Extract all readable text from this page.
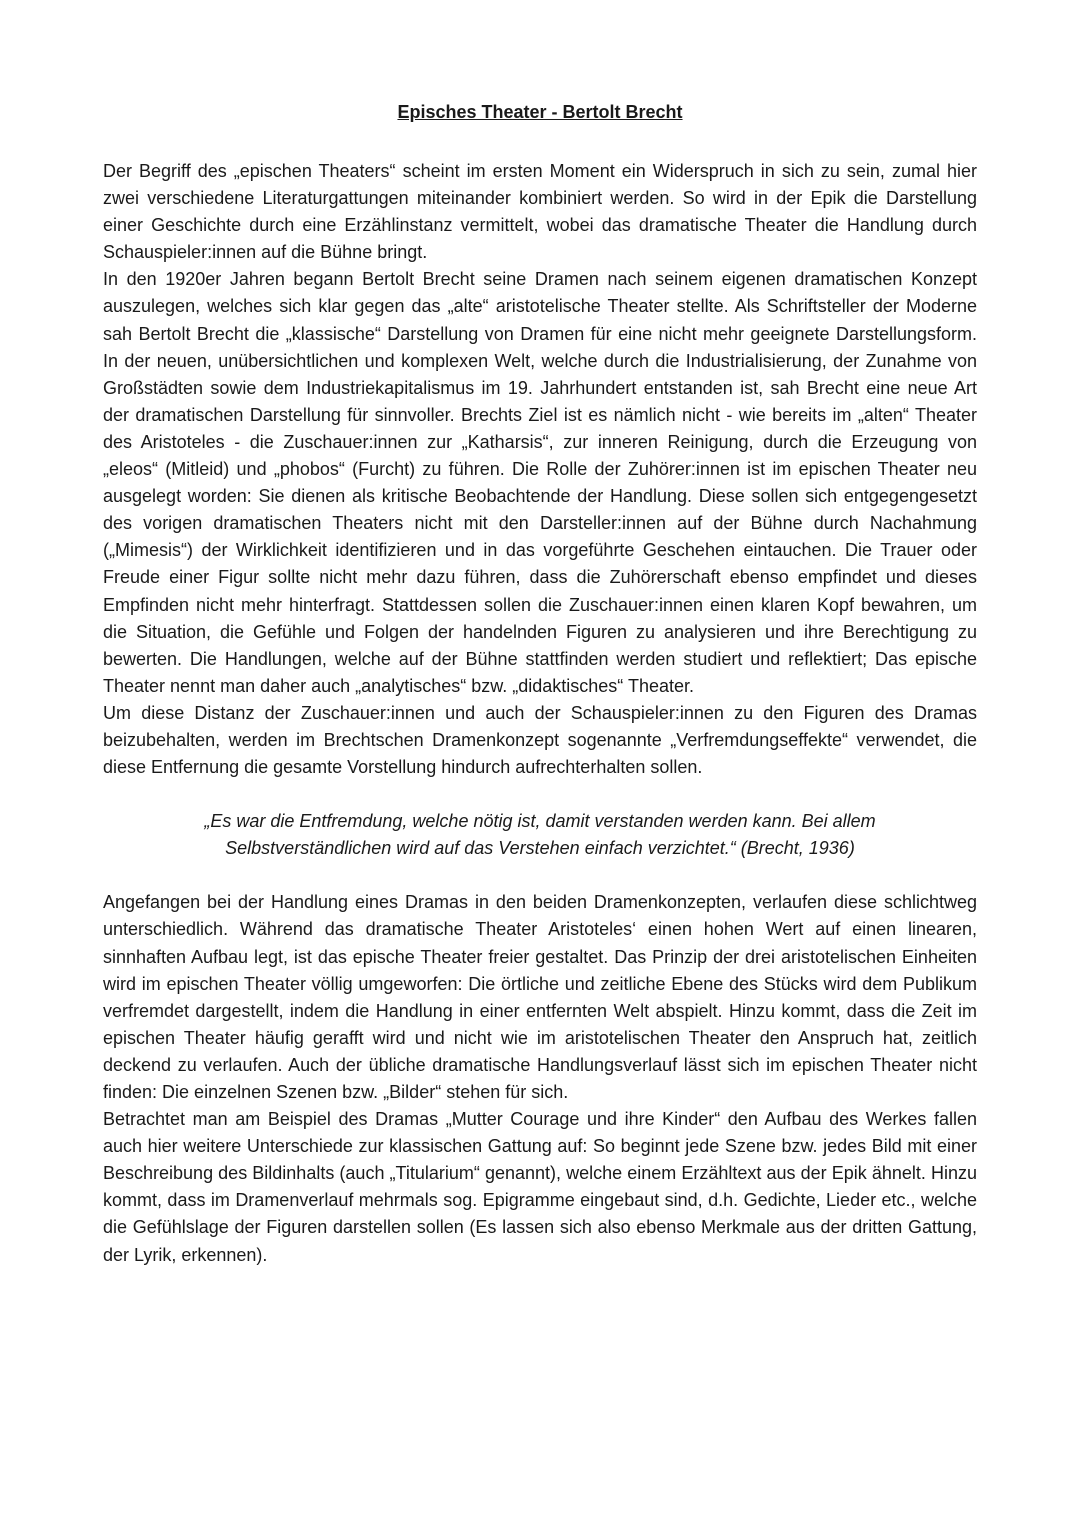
Episches Theater - Bertolt Brecht

Der Begriff des „epischen Theaters“ scheint im ersten Moment ein Widerspruch in sich zu sein, zumal hier zwei verschiedene Literaturgattungen miteinander kombiniert werden. So wird in der Epik die Darstellung einer Geschichte durch eine Erzählinstanz vermittelt, wobei das dramatische Theater die Handlung durch Schauspieler:innen auf die Bühne bringt.

In den 1920er Jahren begann Bertolt Brecht seine Dramen nach seinem eigenen dramatischen Konzept auszulegen, welches sich klar gegen das „alte“ aristotelische Theater stellte. Als Schriftsteller der Moderne sah Bertolt Brecht die „klassische“ Darstellung von Dramen für eine nicht mehr geeignete Darstellungsform. In der neuen, unübersichtlichen und komplexen Welt, welche durch die Industrialisierung, der Zunahme von Großstädten sowie dem Industriekapitalismus im 19. Jahrhundert entstanden ist, sah Brecht eine neue Art der dramatischen Darstellung für sinnvoller. Brechts Ziel ist es nämlich nicht - wie bereits im „alten“ Theater des Aristoteles - die Zuschauer:innen zur „Katharsis“, zur inneren Reinigung, durch die Erzeugung von „eleos“ (Mitleid) und „phobos“ (Furcht) zu führen. Die Rolle der Zuhörer:innen ist im epischen Theater neu ausgelegt worden: Sie dienen als kritische Beobachtende der Handlung. Diese sollen sich entgegengesetzt des vorigen dramatischen Theaters nicht mit den Darsteller:innen auf der Bühne durch Nachahmung („Mimesis“) der Wirklichkeit identifizieren und in das vorgeführte Geschehen eintauchen. Die Trauer oder Freude einer Figur sollte nicht mehr dazu führen, dass die Zuhörerschaft ebenso empfindet und dieses Empfinden nicht mehr hinterfragt. Stattdessen sollen die Zuschauer:innen einen klaren Kopf bewahren, um die Situation, die Gefühle und Folgen der handelnden Figuren zu analysieren und ihre Berechtigung zu bewerten. Die Handlungen, welche auf der Bühne stattfinden werden studiert und reflektiert; Das epische Theater nennt man daher auch „analytisches“ bzw. „didaktisches“ Theater.

Um diese Distanz der Zuschauer:innen und auch der Schauspieler:innen zu den Figuren des Dramas beizubehalten, werden im Brechtschen Dramenkonzept sogenannte „Verfremdungseffekte“ verwendet, die diese Entfernung die gesamte Vorstellung hindurch aufrechterhalten sollen.

„Es war die Entfremdung, welche nötig ist, damit verstanden werden kann. Bei allem Selbstverständlichen wird auf das Verstehen einfach verzichtet.“ (Brecht, 1936)

Angefangen bei der Handlung eines Dramas in den beiden Dramenkonzepten, verlaufen diese schlichtweg unterschiedlich. Während das dramatische Theater Aristoteles‘ einen hohen Wert auf einen linearen, sinnhaften Aufbau legt, ist das epische Theater freier gestaltet. Das Prinzip der drei aristotelischen Einheiten wird im epischen Theater völlig umgeworfen: Die örtliche und zeitliche Ebene des Stücks wird dem Publikum verfremdet dargestellt, indem die Handlung in einer entfernten Welt abspielt. Hinzu kommt, dass die Zeit im epischen Theater häufig gerafft wird und nicht wie im aristotelischen Theater den Anspruch hat, zeitlich deckend zu verlaufen. Auch der übliche dramatische Handlungsverlauf lässt sich im epischen Theater nicht finden: Die einzelnen Szenen bzw. „Bilder“ stehen für sich.

Betrachtet man am Beispiel des Dramas „Mutter Courage und ihre Kinder“ den Aufbau des Werkes fallen auch hier weitere Unterschiede zur klassischen Gattung auf: So beginnt jede Szene bzw. jedes Bild mit einer Beschreibung des Bildinhalts (auch „Titularium“ genannt), welche einem Erzähltext aus der Epik ähnelt. Hinzu kommt, dass im Dramenverlauf mehrmals sog. Epigramme eingebaut sind, d.h. Gedichte, Lieder etc., welche die Gefühlslage der Figuren darstellen sollen (Es lassen sich also ebenso Merkmale aus der dritten Gattung, der Lyrik, erkennen).
